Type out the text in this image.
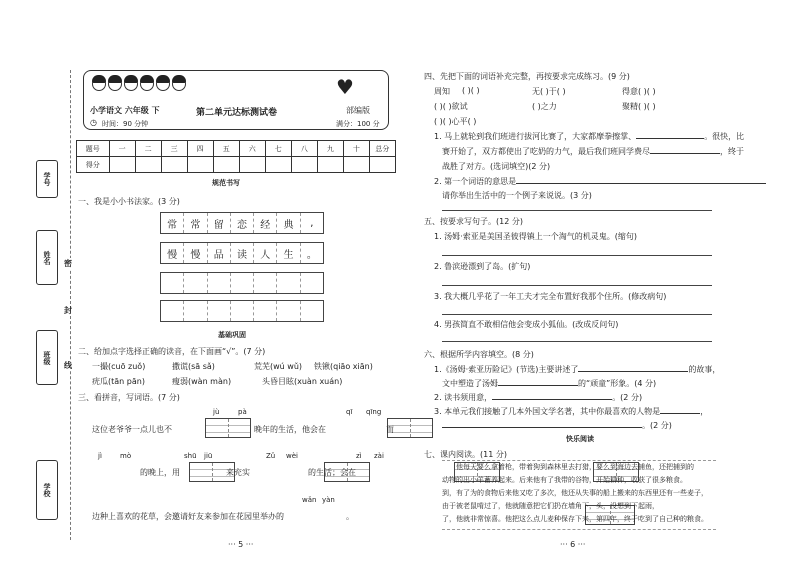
学号
姓名
班级
学校
密
封
线
♥
小学语文 六年级 下	第二单元达标测试卷	部编版
◷ 时间：90 分钟	满分：100 分
题号	一	二	三	四	五	六	七	八	九	十	总分
得分											
规范书写
一、我是小小书法家。(3 分)
常	常	留	恋	经	典	,
慢	慢	品	读	人	生	。
基础巩固
二、给加点字选择正确的读音，在下面画“√”。(7 分)
一撮(cuō zuǒ)	撒谎(sā sǎ)	荒芜(wú wǔ) 铁锹(qiāo xiān)
疣瓜(tān pān)	瘦弱(wàn màn)	头昏目眩(xuàn xuán)
三、看拼音，写词语。(7 分)
jù	pà	qī qīng
这位老爷爷一点儿也不
	晚年的生活，他会在
	而
jì	mò	shū jiū	Zǔ wèi	zì zài

的晚上，用
	来充实
	的生活；会在

wǎn yàn
边种上喜欢的花草，会邀请好友来参加在花园里举办的	。
··· 5 ···
四、先把下面的词语补充完整，再按要求完成练习。(9 分)
周知 ( )( )	无( )于( )	得意( )( )
( )( )欲试	( )之力	聚精( )( )
( )( )心平( )
1. 马上就轮到我们班进行拔河比赛了，大家都摩拳擦掌、	。很快，比
赛开始了，双方都使出了吃奶的力气，最后我们班同学费尽	，终于
战胜了对方。(选词填空)(2 分)
2. 第一个词语的意思是
请你举出生活中的一个例子来说说。(3 分)
五、按要求写句子。(12 分)
1. 汤姆·索亚是美国圣彼得镇上一个淘气的机灵鬼。(缩句)
2. 鲁滨逊漂到了岛。(扩句)
3. 我大概几乎花了一年工夫才完全布置好我那个住所。(修改病句)
4. 男孩简直不敢相信他会变成小狐仙。(改成反问句)
六、根据所学内容填空。(8 分)
1.《汤姆·索亚历险记》(节选)主要讲述了	的故事，
文中塑造了汤姆	的“顽童”形象。(4 分)
2. 读书须用意，	。(2 分)
3. 本单元我们接触了几本外国文学名著，其中你最喜欢的人物是	，
。(2 分)
快乐阅读
七、课内阅读。(11 分)
他每天要么拿着枪，带着狗到森林里去打猎，要么到海边去捕鱼，还把捕到的
动物的出小羊蓄养起来。后来他有了我带的谷物，开始耕种，收获了很多粮食。
到，有了为的食物后来他又吃了多次，他还从失事的船上搬来的东西里还有一些麦子，
由于被老鼠啃过了，他就随意把它们扔在墙角下，头，没想到下起雨，
了，他就非常惊喜。他把这么点儿麦种保存下来，第四年，终于吃到了自己种的粮食。
··· 6 ···
